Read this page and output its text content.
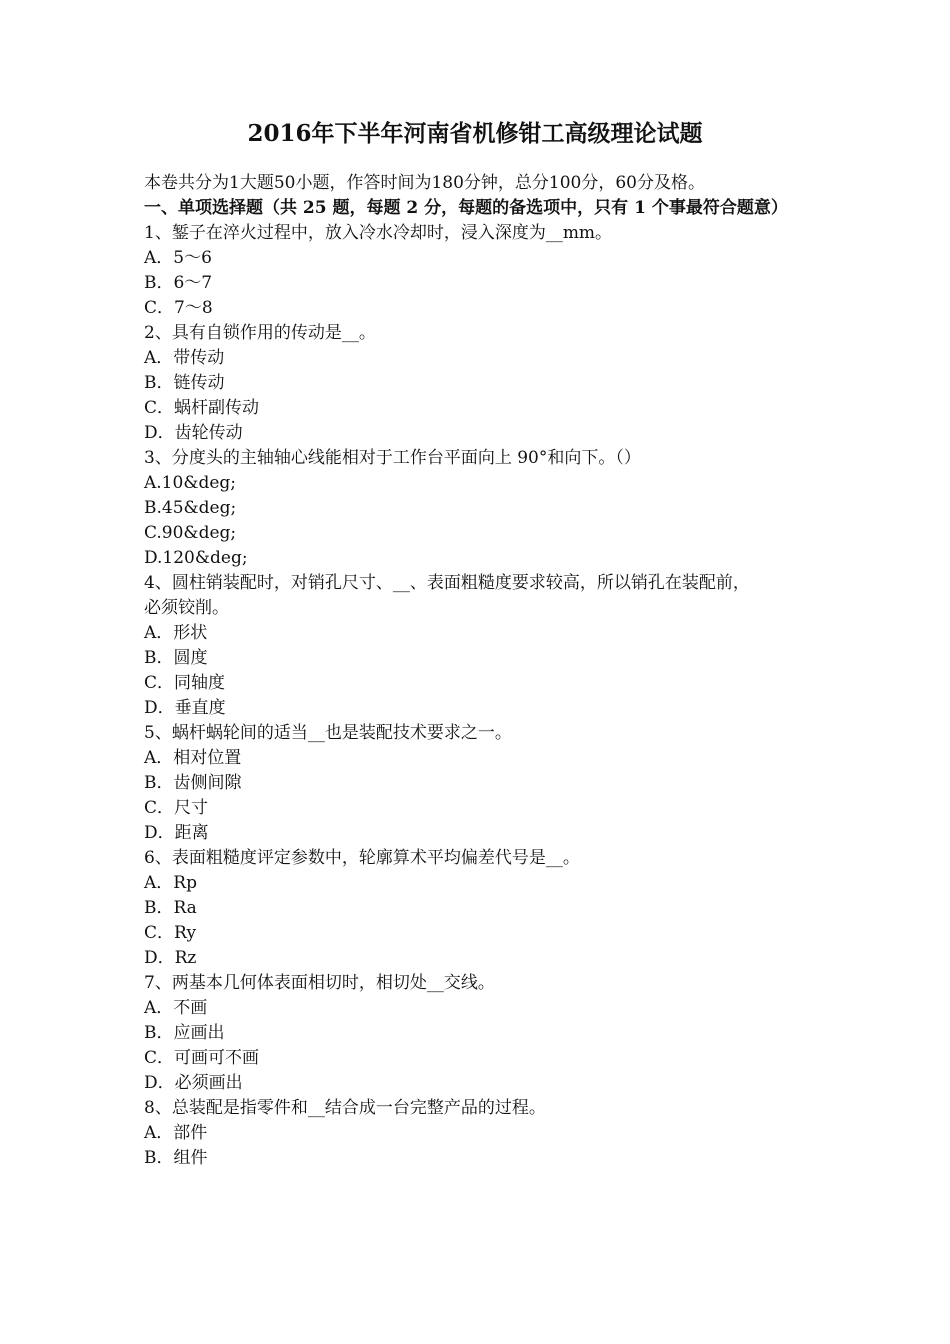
2016年下半年河南省机修钳工高级理论试题
本卷共分为1大题50小题，作答时间为180分钟，总分100分，60分及格。
一、单项选择题（共 25 题，每题 2 分，每题的备选项中，只有 1 个事最符合题意）
1、錾子在淬火过程中，放入冷水冷却时，浸入深度为__mm。
A．5～6
B．6～7
C．7～8
2、具有自锁作用的传动是__。
A．带传动
B．链传动
C．蜗杆副传动
D．齿轮传动
3、分度头的主轴轴心线能相对于工作台平面向上 90°和向下。（）
A.10&deg;
B.45&deg;
C.90&deg;
D.120&deg;
4、圆柱销装配时，对销孔尺寸、__、表面粗糙度要求较高，所以销孔在装配前，
必须铰削。
A．形状
B．圆度
C．同轴度
D．垂直度
5、蜗杆蜗轮间的适当__也是装配技术要求之一。
A．相对位置
B．齿侧间隙
C．尺寸
D．距离
6、表面粗糙度评定参数中，轮廓算术平均偏差代号是__。
A．Rp
B．Ra
C．Ry
D．Rz
7、两基本几何体表面相切时，相切处__交线。
A．不画
B．应画出
C．可画可不画
D．必须画出
8、总装配是指零件和__结合成一台完整产品的过程。
A．部件
B．组件
